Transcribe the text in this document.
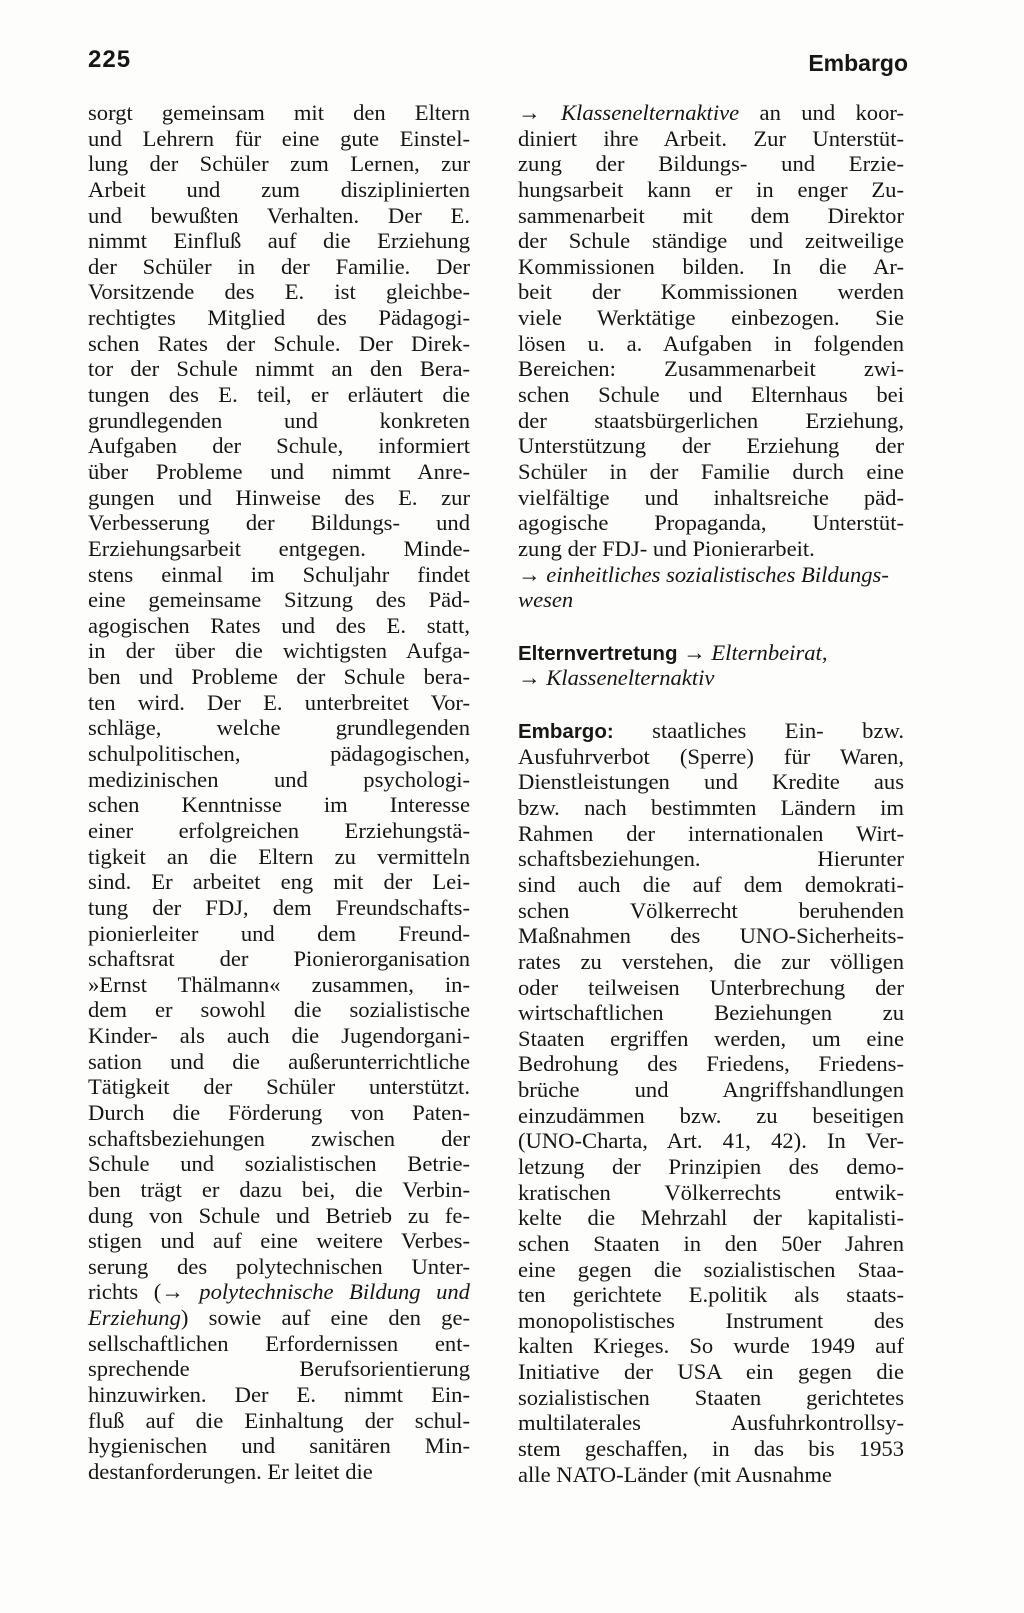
225	Embargo
sorgt gemeinsam mit den Eltern
und Lehrern für eine gute Einstel-
lung der Schüler zum Lernen, zur
Arbeit und zum disziplinierten
und bewußten Verhalten. Der E.
nimmt Einfluß auf die Erziehung
der Schüler in der Familie. Der
Vorsitzende des E. ist gleichbe-
rechtigtes Mitglied des Pädagogi-
schen Rates der Schule. Der Direk-
tor der Schule nimmt an den Bera-
tungen des E. teil, er erläutert die
grundlegenden und konkreten
Aufgaben der Schule, informiert
über Probleme und nimmt Anre-
gungen und Hinweise des E. zur
Verbesserung der Bildungs- und
Erziehungsarbeit entgegen. Minde-
stens einmal im Schuljahr findet
eine gemeinsame Sitzung des Päd-
agogischen Rates und des E. statt,
in der über die wichtigsten Aufga-
ben und Probleme der Schule bera-
ten wird. Der E. unterbreitet Vor-
schläge, welche grundlegenden
schulpolitischen, pädagogischen,
medizinischen und psychologi-
schen Kenntnisse im Interesse
einer erfolgreichen Erziehungstä-
tigkeit an die Eltern zu vermitteln
sind. Er arbeitet eng mit der Lei-
tung der FDJ, dem Freundschafts-
pionierleiter und dem Freund-
schaftsrat der Pionierorganisation
»Ernst Thälmann« zusammen, in-
dem er sowohl die sozialistische
Kinder- als auch die Jugendorgani-
sation und die außerunterrichtliche
Tätigkeit der Schüler unterstützt.
Durch die Förderung von Paten-
schaftsbeziehungen zwischen der
Schule und sozialistischen Betrie-
ben trägt er dazu bei, die Verbin-
dung von Schule und Betrieb zu fe-
stigen und auf eine weitere Verbes-
serung des polytechnischen Unter-
richts (→ polytechnische Bildung und
Erziehung) sowie auf eine den ge-
sellschaftlichen Erfordernissen ent-
sprechende Berufsorientierung
hinzuwirken. Der E. nimmt Ein-
fluß auf die Einhaltung der schul-
hygienischen und sanitären Min-
destanforderungen. Er leitet die
→ Klassenelternaktive an und koor-
diniert ihre Arbeit. Zur Unterstüt-
zung der Bildungs- und Erzie-
hungsarbeit kann er in enger Zu-
sammenarbeit mit dem Direktor
der Schule ständige und zeitweilige
Kommissionen bilden. In die Ar-
beit der Kommissionen werden
viele Werktätige einbezogen. Sie
lösen u. a. Aufgaben in folgenden
Bereichen: Zusammenarbeit zwi-
schen Schule und Elternhaus bei
der staatsbürgerlichen Erziehung,
Unterstützung der Erziehung der
Schüler in der Familie durch eine
vielfältige und inhaltsreiche päd-
agogische Propaganda, Unterstüt-
zung der FDJ- und Pionierarbeit.
→ einheitliches sozialistisches Bildungs-
wesen
Elternvertretung → Elternbeirat,
→ Klassenelternaktiv
Embargo: staatliches Ein- bzw.
Ausfuhrverbot (Sperre) für Waren,
Dienstleistungen und Kredite aus
bzw. nach bestimmten Ländern im
Rahmen der internationalen Wirt-
schaftsbeziehungen. Hierunter
sind auch die auf dem demokrati-
schen Völkerrecht beruhenden
Maßnahmen des UNO-Sicherheits-
rates zu verstehen, die zur völligen
oder teilweisen Unterbrechung der
wirtschaftlichen Beziehungen zu
Staaten ergriffen werden, um eine
Bedrohung des Friedens, Friedens-
brüche und Angriffshandlungen
einzudämmen bzw. zu beseitigen
(UNO-Charta, Art. 41, 42). In Ver-
letzung der Prinzipien des demo-
kratischen Völkerrechts entwik-
kelte die Mehrzahl der kapitalisti-
schen Staaten in den 50er Jahren
eine gegen die sozialistischen Staa-
ten gerichtete E.politik als staats-
monopolistisches Instrument des
kalten Krieges. So wurde 1949 auf
Initiative der USA ein gegen die
sozialistischen Staaten gerichtetes
multilaterales Ausfuhrkontrollsy-
stem geschaffen, in das bis 1953
alle NATO-Länder (mit Ausnahme
